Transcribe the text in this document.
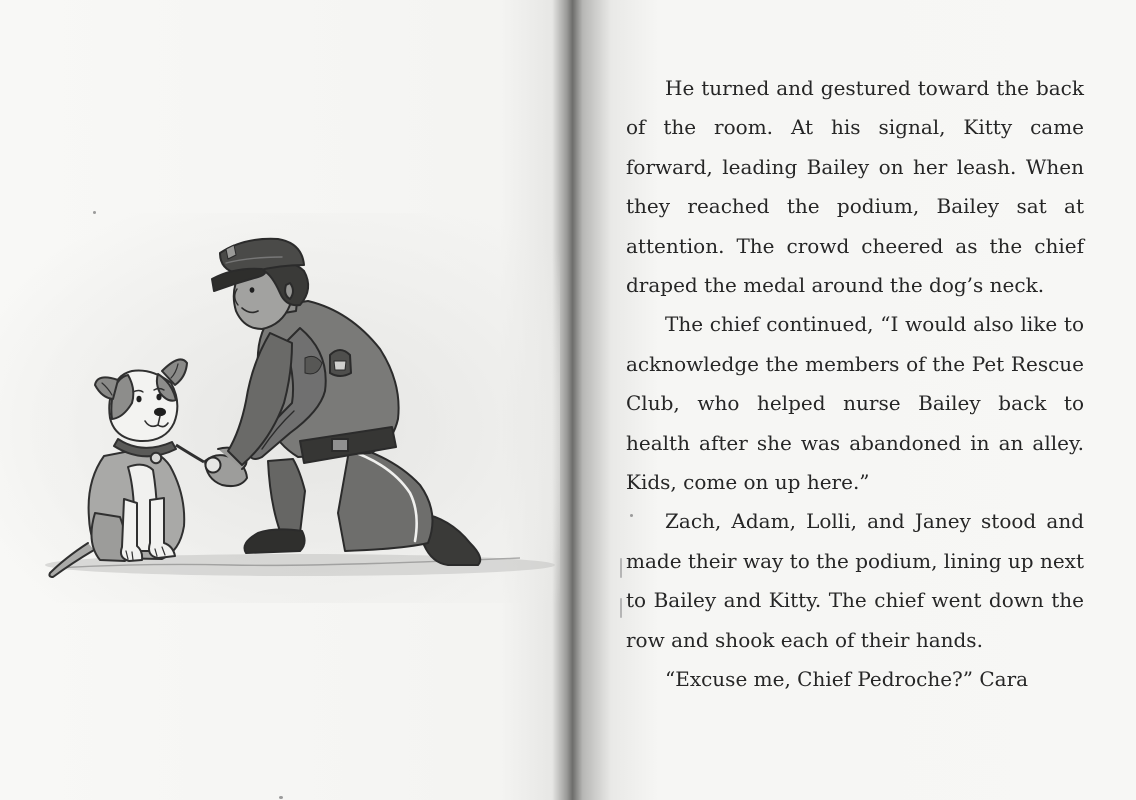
He turned and gestured toward the back of the room. At his signal, Kitty came forward, leading Bailey on her leash. When they reached the podium, Bailey sat at attention. The crowd cheered as the chief draped the medal around the dog’s neck.

The chief continued, “I would also like to acknowledge the members of the Pet Rescue Club, who helped nurse Bailey back to health after she was abandoned in an alley. Kids, come on up here.”

Zach, Adam, Lolli, and Janey stood and made their way to the podium, lining up next to Bailey and Kitty. The chief went down the row and shook each of their hands.

“Excuse me, Chief Pedroche?” Cara
